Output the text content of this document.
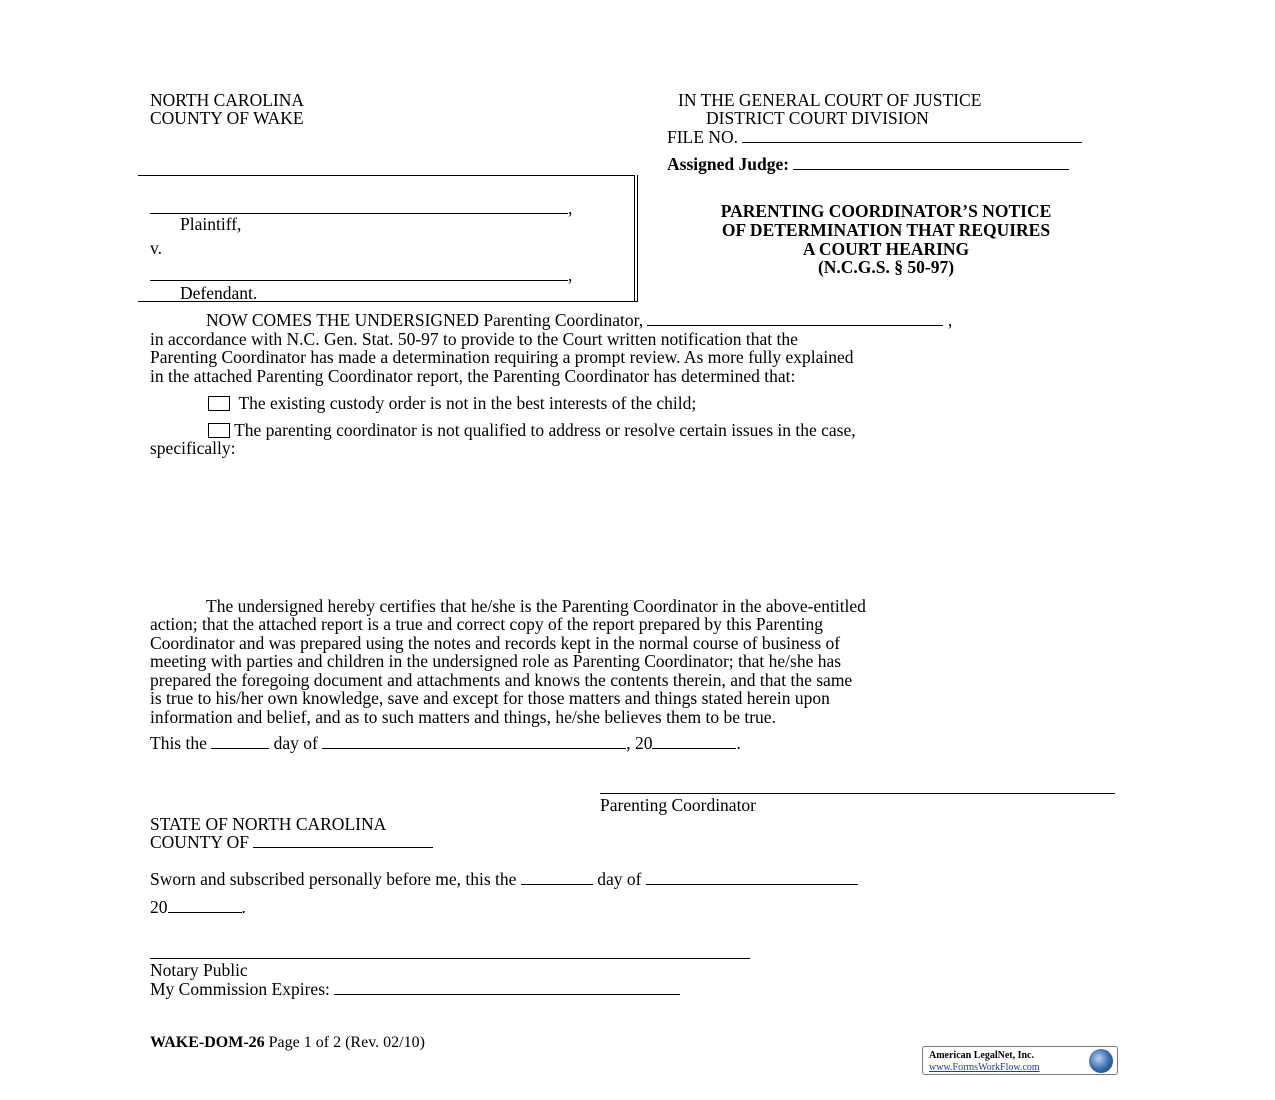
NORTH CAROLINA
COUNTY OF WAKE
IN THE GENERAL COURT OF JUSTICE
DISTRICT COURT DIVISION
FILE NO.
Assigned Judge:
,
Plaintiff,
v.
,
Defendant.
PARENTING COORDINATOR’S NOTICE
OF DETERMINATION THAT REQUIRES
A COURT HEARING
(N.C.G.S. § 50-97)
NOW COMES THE UNDERSIGNED Parenting Coordinator,	,
in accordance with N.C. Gen. Stat. 50-97 to provide to the Court written notification that the
Parenting Coordinator has made a determination requiring a prompt review. As more fully explained
in the attached Parenting Coordinator report, the Parenting Coordinator has determined that:
The existing custody order is not in the best interests of the child;
The parenting coordinator is not qualified to address or resolve certain issues in the case,
specifically:
The undersigned hereby certifies that he/she is the Parenting Coordinator in the above-entitled
action; that the attached report is a true and correct copy of the report prepared by this Parenting
Coordinator and was prepared using the notes and records kept in the normal course of business of
meeting with parties and children in the undersigned role as Parenting Coordinator; that he/she has
prepared the foregoing document and attachments and knows the contents therein, and that the same
is true to his/her own knowledge, save and except for those matters and things stated herein upon
information and belief, and as to such matters and things, he/she believes them to be true.
This the	day of	, 20	.
Parenting Coordinator
STATE OF NORTH CAROLINA
COUNTY OF
Sworn and subscribed personally before me, this the	day of
20	.
Notary Public
My Commission Expires:
WAKE-DOM-26 Page 1 of 2 (Rev. 02/10)
American LegalNet, Inc.
www.FormsWorkFlow.com
